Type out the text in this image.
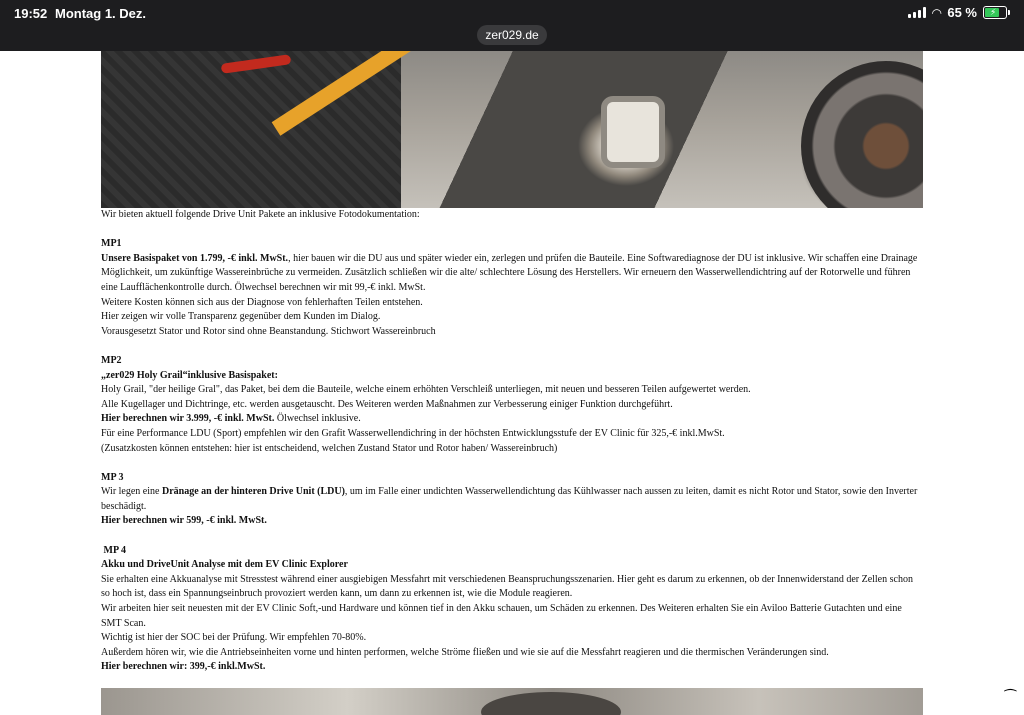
19:52 Montag 1. Dez.	◠ 65 % ⚡
zer029.de

Wir bieten aktuell folgende Drive Unit Pakete an inklusive Fotodokumentation:

MP1

Unsere Basispaket von 1.799, -€ inkl. MwSt., hier bauen wir die DU aus und später wieder ein, zerlegen und prüfen die Bauteile. Eine Softwarediagnose der DU ist inklusive. Wir schaffen eine Drainage Möglichkeit, um zukünftige Wassereinbrüche zu vermeiden. Zusätzlich schließen wir die alte/ schlechtere Lösung des Herstellers. Wir erneuern den Wasserwellendichtring auf der Rotorwelle und führen eine Laufflächenkontrolle durch. Ölwechsel berechnen wir mit 99,-€ inkl. MwSt.

Weitere Kosten können sich aus der Diagnose von fehlerhaften Teilen entstehen.

Hier zeigen wir volle Transparenz gegenüber dem Kunden im Dialog.

Vorausgesetzt Stator und Rotor sind ohne Beanstandung. Stichwort Wassereinbruch

MP2

„zer029 Holy Grail“inklusive Basispaket:

Holy Grail, "der heilige Gral", das Paket, bei dem die Bauteile, welche einem erhöhten Verschleiß unterliegen, mit neuen und besseren Teilen aufgewertet werden.

Alle Kugellager und Dichtringe, etc. werden ausgetauscht. Des Weiteren werden Maßnahmen zur Verbesserung einiger Funktion durchgeführt.

Hier berechnen wir 3.999, -€ inkl. MwSt. Ölwechsel inklusive.

Für eine Performance LDU (Sport) empfehlen wir den Grafit Wasserwellendichring in der höchsten Entwicklungsstufe der EV Clinic für 325,-€ inkl.MwSt.

(Zusatzkosten können entstehen: hier ist entscheidend, welchen Zustand Stator und Rotor haben/ Wassereinbruch)

MP 3

Wir legen eine Dränage an der hinteren Drive Unit (LDU), um im Falle einer undichten Wasserwellendichtung das Kühlwasser nach aussen zu leiten, damit es nicht Rotor und Stator, sowie den Inverter beschädigt.

Hier berechnen wir 599, -€ inkl. MwSt.

MP 4

Akku und DriveUnit Analyse mit dem EV Clinic Explorer

Sie erhalten eine Akkuanalyse mit Stresstest während einer ausgiebigen Messfahrt mit verschiedenen Beanspruchungsszenarien. Hier geht es darum zu erkennen, ob der Innenwiderstand der Zellen schon so hoch ist, dass ein Spannungseinbruch provoziert werden kann, um dann zu erkennen ist, wie die Module reagieren.

Wir arbeiten hier seit neuesten mit der EV Clinic Soft,-und Hardware und können tief in den Akku schauen, um Schäden zu erkennen. Des Weiteren erhalten Sie ein Aviloo Batterie Gutachten und eine SMT Scan.

Wichtig ist hier der SOC bei der Prüfung. Wir empfehlen 70-80%.

Außerdem hören wir, wie die Antriebseinheiten vorne und hinten performen, welche Ströme fließen und wie sie auf die Messfahrt reagieren und die thermischen Veränderungen sind.

Hier berechnen wir: 399,-€ inkl.MwSt.

⁀
